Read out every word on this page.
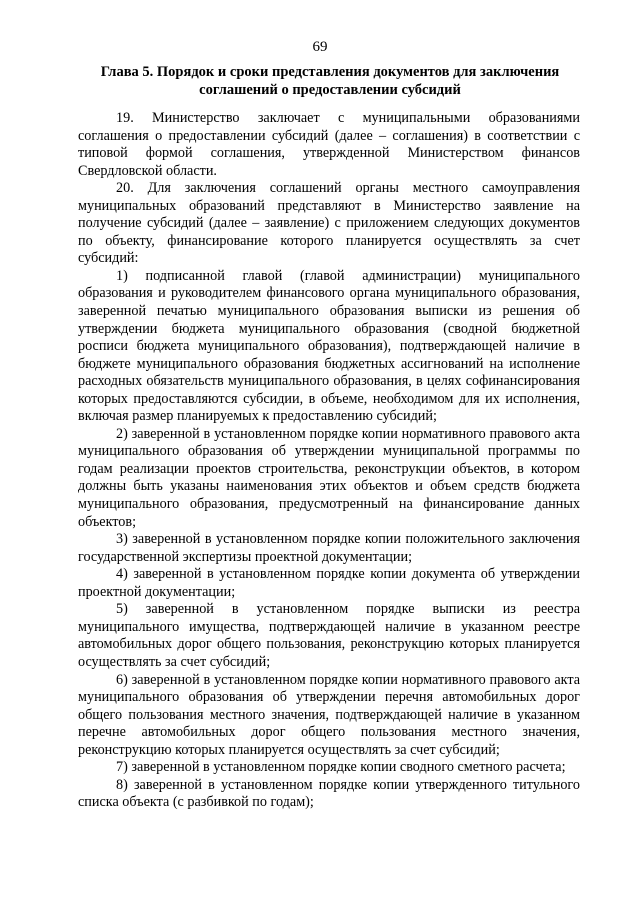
69
Глава 5. Порядок и сроки представления документов для заключения соглашений о предоставлении субсидий

19. Министерство заключает с муниципальными образованиями соглашения о предоставлении субсидий (далее – соглашения) в соответствии с типовой формой соглашения, утвержденной Министерством финансов Свердловской области.

20. Для заключения соглашений органы местного самоуправления муниципальных образований представляют в Министерство заявление на получение субсидий (далее – заявление) с приложением следующих документов по объекту, финансирование которого планируется осуществлять за счет субсидий:

1) подписанной главой (главой администрации) муниципального образования и руководителем финансового органа муниципального образования, заверенной печатью муниципального образования выписки из решения об утверждении бюджета муниципального образования (сводной бюджетной росписи бюджета муниципального образования), подтверждающей наличие в бюджете муниципального образования бюджетных ассигнований на исполнение расходных обязательств муниципального образования, в целях софинансирования которых предоставляются субсидии, в объеме, необходимом для их исполнения, включая размер планируемых к предоставлению субсидий;

2) заверенной в установленном порядке копии нормативного правового акта муниципального образования об утверждении муниципальной программы по годам реализации проектов строительства, реконструкции объектов, в котором должны быть указаны наименования этих объектов и объем средств бюджета муниципального образования, предусмотренный на финансирование данных объектов;

3) заверенной в установленном порядке копии положительного заключения государственной экспертизы проектной документации;

4) заверенной в установленном порядке копии документа об утверждении проектной документации;

5) заверенной в установленном порядке выписки из реестра муниципального имущества, подтверждающей наличие в указанном реестре автомобильных дорог общего пользования, реконструкцию которых планируется осуществлять за счет субсидий;

6) заверенной в установленном порядке копии нормативного правового акта муниципального образования об утверждении перечня автомобильных дорог общего пользования местного значения, подтверждающей наличие в указанном перечне автомобильных дорог общего пользования местного значения, реконструкцию которых планируется осуществлять за счет субсидий;

7) заверенной в установленном порядке копии сводного сметного расчета;

8) заверенной в установленном порядке копии утвержденного титульного списка объекта (с разбивкой по годам);
